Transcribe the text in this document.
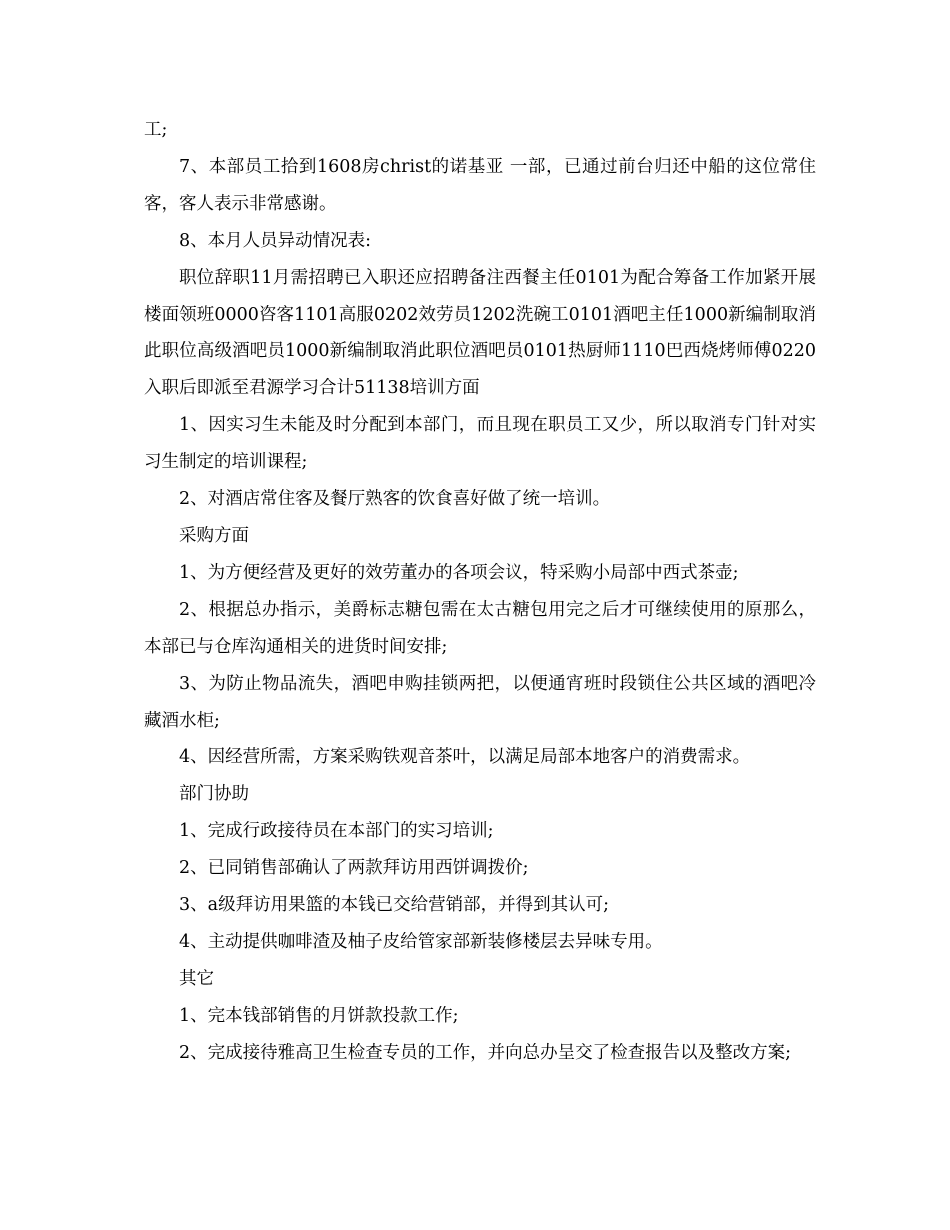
工;

7、本部员工拾到1608房christ的诺基亚 一部，已通过前台归还中船的这位常住客，客人表示非常感谢。

8、本月人员异动情况表:

职位辞职11月需招聘已入职还应招聘备注西餐主任0101为配合筹备工作加紧开展楼面领班0000咨客1101高服0202效劳员1202洗碗工0101酒吧主任1000新编制取消此职位高级酒吧员1000新编制取消此职位酒吧员0101热厨师1110巴西烧烤师傅0220入职后即派至君源学习合计51138培训方面

1、因实习生未能及时分配到本部门，而且现在职员工又少，所以取消专门针对实习生制定的培训课程;

2、对酒店常住客及餐厅熟客的饮食喜好做了统一培训。

采购方面

1、为方便经营及更好的效劳董办的各项会议，特采购小局部中西式茶壶;

2、根据总办指示，美爵标志糖包需在太古糖包用完之后才可继续使用的原那么，本部已与仓库沟通相关的进货时间安排;

3、为防止物品流失，酒吧申购挂锁两把，以便通宵班时段锁住公共区域的酒吧冷藏酒水柜;

4、因经营所需，方案采购铁观音茶叶，以满足局部本地客户的消费需求。

部门协助

1、完成行政接待员在本部门的实习培训;

2、已同销售部确认了两款拜访用西饼调拨价;

3、a级拜访用果篮的本钱已交给营销部，并得到其认可;

4、主动提供咖啡渣及柚子皮给管家部新装修楼层去异味专用。

其它

1、完本钱部销售的月饼款投款工作;

2、完成接待雅高卫生检查专员的工作，并向总办呈交了检查报告以及整改方案;
